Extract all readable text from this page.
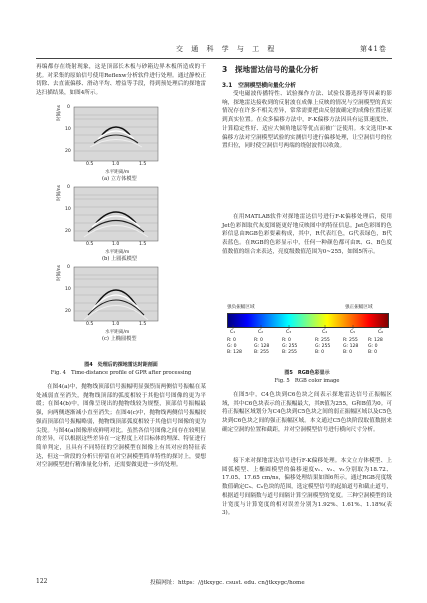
交 通 科 学 与 工 程	第41卷

再编都存在绕射现象，这是顶部长木板与砂箱边界木板所造成的干扰。对采集的原始信号使用Reflexw分析软件进行处理。通过静校正切除、去直流偏移、滑动平均、增益等手段，得到预处理后的探地雷达扫描结果，如图4所示。

时间/ns 0
10
20
0.5	1.0	1.5
水平距离/m
(a) 立方体模型
时间/ns 0
10
20
0.5	1.0	1.5
水平距离/m
(b) 上圆孤模型
时间/ns 0
10
20
0.5	1.0	1.5
水平距离/m
(c) 上椭圆模型
图4　处理后的探地雷达时距剖面
Fig. 4　Time-distance profile of GPR after processing

在图4(a)中，抛物线顶部信号振幅明显强烈而两侧信号振幅在某处减弱直至消失，抛物线顶部的弧度相较于其他信号图像的更为平缓；在图4(b)中，图像呈现出的抛物线较为规整，顶部信号振幅最强，向两侧逐渐减小直至消失；在图4(c)中，抛物线两侧信号振幅较强而顶部信号振幅略弱，抛物线顶部弧度相较于其他信号图像的更为尖锐。与图4(a)图像形成鲜明对比。虽然各信号图像之间存在较明显的差异，可以根据这些差异在一定程度上对目标体的埋深、特征进行简单判定，且具有不同特征的空洞模型在图像上有其对应的特征表达，但这一阶段的分析只停留在对空洞模型简单特性的探讨上，要想对空洞模型进行精准量化分析，还需要做更进一步的处理。

3　探地雷达信号的量化分析
3.1　空洞模型横向量化分析

受电磁波传播特性、试验操作方法、试验仪器选择等因素的影响，探地雷达接收到的反射波在成像上反映的情况与空洞模型的真实情况存在许多不相关差异，常常需要把由反射波确定的成像位置还原到真实位置。在众多偏移方法中，F-K偏移方法因具有运算速度快、计算稳定性好、适应大倾角地层等优点而被广泛使用。本文选用F-K偏移方法对空洞模型试验的实测信号进行偏移处理，让空洞信号的位置归位，同时使空洞信号两端的绕射波得以收敛。

在用MATLAB软件对探地雷达信号进行F-K偏移处理后，使用Jet色彩图取代灰度图能更好地反映图中的特征信息。Jet色彩图的色彩信息由RGB色彩要素构成，其中，R代表红色，G代表绿色，B代表蓝色。在RGB的色彩显示中，任何一种颜色都可由R、G、B色度值数值的组合来表达，亮度级数值范围为0~255，如图5所示。

强负振幅区域	强正振幅区域
C₁	C₂	C₃	C₄	C₅	C₆
R: 0
G: 0
B: 128
R: 0
G: 128
B: 255
R: 0
G: 255
B: 255
R: 255
G: 255
B: 0
R: 255
G: 128
B: 0
R: 128
G: 0
B: 0
图5　RGB色彩显示
Fig. 5　RGB color image

在图5中，C4色块到C6色块之间表示探地雷达信号正振幅区域，其中C6色块表示的正振幅最大，其R值为255，G和B值为0。可将正振幅区域划分为C4色块到C5色块之间的弱正振幅区域以及C5色块到C6色块之间的强正振幅区域。本文通过C5色块阶段取值数据来确定空洞的位置和截距，并对空洞模型信号进行横向尺寸分析。

接下来对探地雷达信号进行F-K偏移处理。本文立方体模型、上圆弧模型、上椭圆模型的偏移速度v₁、v₂、v₃分别取为18.72、17.05、17.65 cm/ns，偏移处理结果如图6所示。通过RGB亮度级数值确定C₅、C₆色块的范围，选定模型信号的起始道号和截止道号，根据道号间隔数与道号间隔计算空洞模型的宽度。三种空洞模型的设计宽度与计算宽度的相对误差分别为1.92%、1.61%、1.18%(表3)。

122	投稿网址：https：//jtkxygc. csust. edu. cn/jtkxygc/home
